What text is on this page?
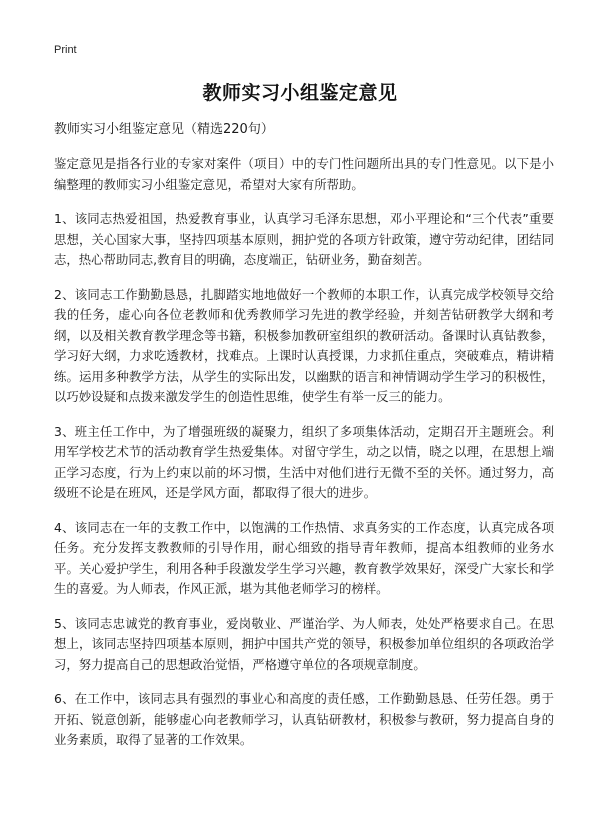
Print
教师实习小组鉴定意见

教师实习小组鉴定意见（精选220句）

鉴定意见是指各行业的专家对案件（项目）中的专门性问题所出具的专门性意见。以下是小编整理的教师实习小组鉴定意见，希望对大家有所帮助。

1、该同志热爱祖国，热爱教育事业，认真学习毛泽东思想，邓小平理论和“三个代表”重要思想，关心国家大事，坚持四项基本原则，拥护党的各项方针政策，遵守劳动纪律，团结同志，热心帮助同志,教育目的明确，态度端正，钻研业务，勤奋刻苦。

2、该同志工作勤勤恳恳，扎脚踏实地地做好一个教师的本职工作，认真完成学校领导交给我的任务，虚心向各位老教师和优秀教师学习先进的教学经验，并刻苦钻研教学大纲和考纲，以及相关教育教学理念等书籍，积极参加教研室组织的教研活动。备课时认真钻教参，学习好大纲，力求吃透教材，找难点。上课时认真授课，力求抓住重点，突破难点，精讲精练。运用多种教学方法，从学生的实际出发，以幽默的语言和神情调动学生学习的积极性，以巧妙设疑和点拨来激发学生的创造性思维，使学生有举一反三的能力。

3、班主任工作中，为了增强班级的凝聚力，组织了多项集体活动，定期召开主题班会。利用军学校艺术节的活动教育学生热爱集体。对留守学生，动之以情，晓之以理，在思想上端正学习态度，行为上约束以前的坏习惯，生活中对他们进行无微不至的关怀。通过努力，高级班不论是在班风，还是学风方面，都取得了很大的进步。

4、该同志在一年的支教工作中，以饱满的工作热情、求真务实的工作态度，认真完成各项任务。充分发挥支教教师的引导作用，耐心细致的指导青年教师，提高本组教师的业务水平。关心爱护学生，利用各种手段激发学生学习兴趣，教育教学效果好，深受广大家长和学生的喜爱。为人师表，作风正派，堪为其他老师学习的榜样。

5、该同志忠诚党的教育事业，爱岗敬业、严谨治学、为人师表，处处严格要求自己。在思想上，该同志坚持四项基本原则，拥护中国共产党的领导，积极参加单位组织的各项政治学习，努力提高自己的思想政治觉悟，严格遵守单位的各项规章制度。

6、在工作中，该同志具有强烈的事业心和高度的责任感，工作勤勤恳恳、任劳任怨。勇于开拓、锐意创新，能够虚心向老教师学习，认真钻研教材，积极参与教研，努力提高自身的业务素质，取得了显著的工作效果。
